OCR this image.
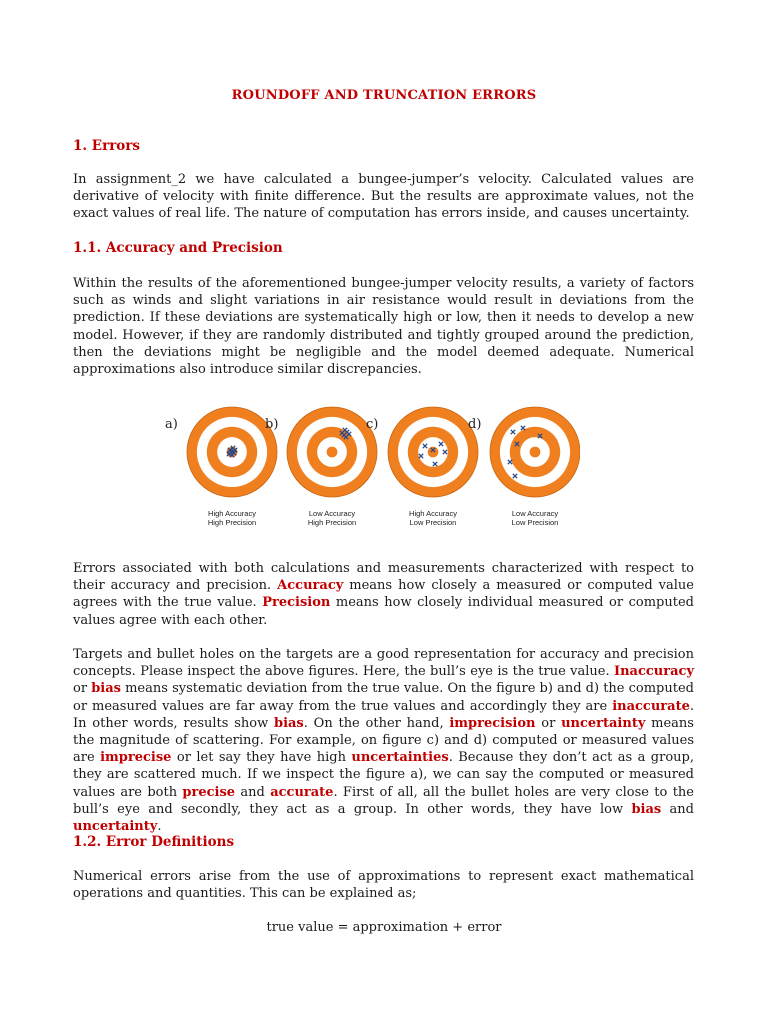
ROUNDOFF AND TRUNCATION ERRORS
1. Errors
In assignment_2 we have calculated a bungee-jumper’s velocity. Calculated values are derivative of velocity with finite difference. But the results are approximate values, not the exact values of real life. The nature of computation has errors inside, and causes uncertainty.
1.1. Accuracy and Precision
Within the results of the aforementioned bungee-jumper velocity results, a variety of factors such as winds and slight variations in air resistance would result in deviations from the prediction. If these deviations are systematically high or low, then it needs to develop a new model. However, if they are randomly distributed and tightly grouped around the prediction, then the deviations might be negligible and the model deemed adequate. Numerical approximations also introduce similar discrepancies.
a)
High Accuracy
High Precision
b)
Low Accuracy
High Precision
c)
High Accuracy
Low Precision
d)
Low Accuracy
Low Precision
Errors associated with both calculations and measurements characterized with respect to their accuracy and precision. Accuracy means how closely a measured or computed value agrees with the true value. Precision means how closely individual measured or computed values agree with each other.
Targets and bullet holes on the targets are a good representation for accuracy and precision concepts. Please inspect the above figures. Here, the bull’s eye is the true value. Inaccuracy or bias means systematic deviation from the true value. On the figure b) and d) the computed or measured values are far away from the true values and accordingly they are inaccurate. In other words, results show bias. On the other hand, imprecision or uncertainty means the magnitude of scattering. For example, on figure c) and d) computed or measured values are imprecise or let say they have high uncertainties. Because they don’t act as a group, they are scattered much. If we inspect the figure a), we can say the computed or measured values are both precise and accurate. First of all, all the bullet holes are very close to the bull’s eye and secondly, they act as a group. In other words, they have low bias and uncertainty.
1.2. Error Definitions
Numerical errors arise from the use of approximations to represent exact mathematical operations and quantities. This can be explained as;
true value = approximation + error
